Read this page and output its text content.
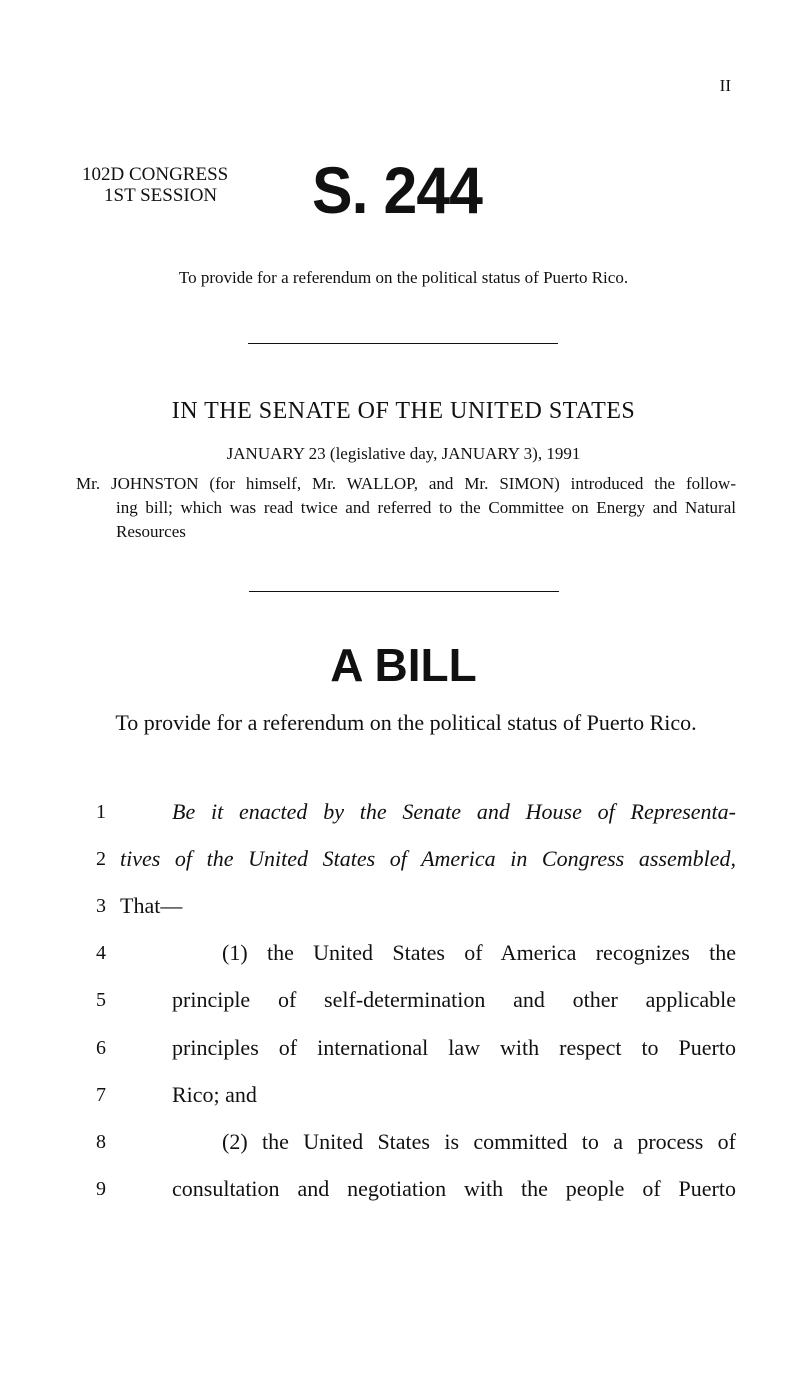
II
102D CONGRESS
1ST SESSION S. 244
To provide for a referendum on the political status of Puerto Rico.
IN THE SENATE OF THE UNITED STATES
JANUARY 23 (legislative day, JANUARY 3), 1991
Mr. JOHNSTON (for himself, Mr. WALLOP, and Mr. SIMON) introduced the follow-
ing bill; which was read twice and referred to the Committee on Energy and Natural Resources
A BILL
To provide for a referendum on the political status of Puerto Rico.
1	Be it enacted by the Senate and House of Representa-
2 tives of the United States of America in Congress assembled,
3 That—
4	(1) the United States of America recognizes the
5	principle of self-determination and other applicable
6	principles of international law with respect to Puerto
7	Rico; and
8	(2) the United States is committed to a process of
9	consultation and negotiation with the people of Puerto
